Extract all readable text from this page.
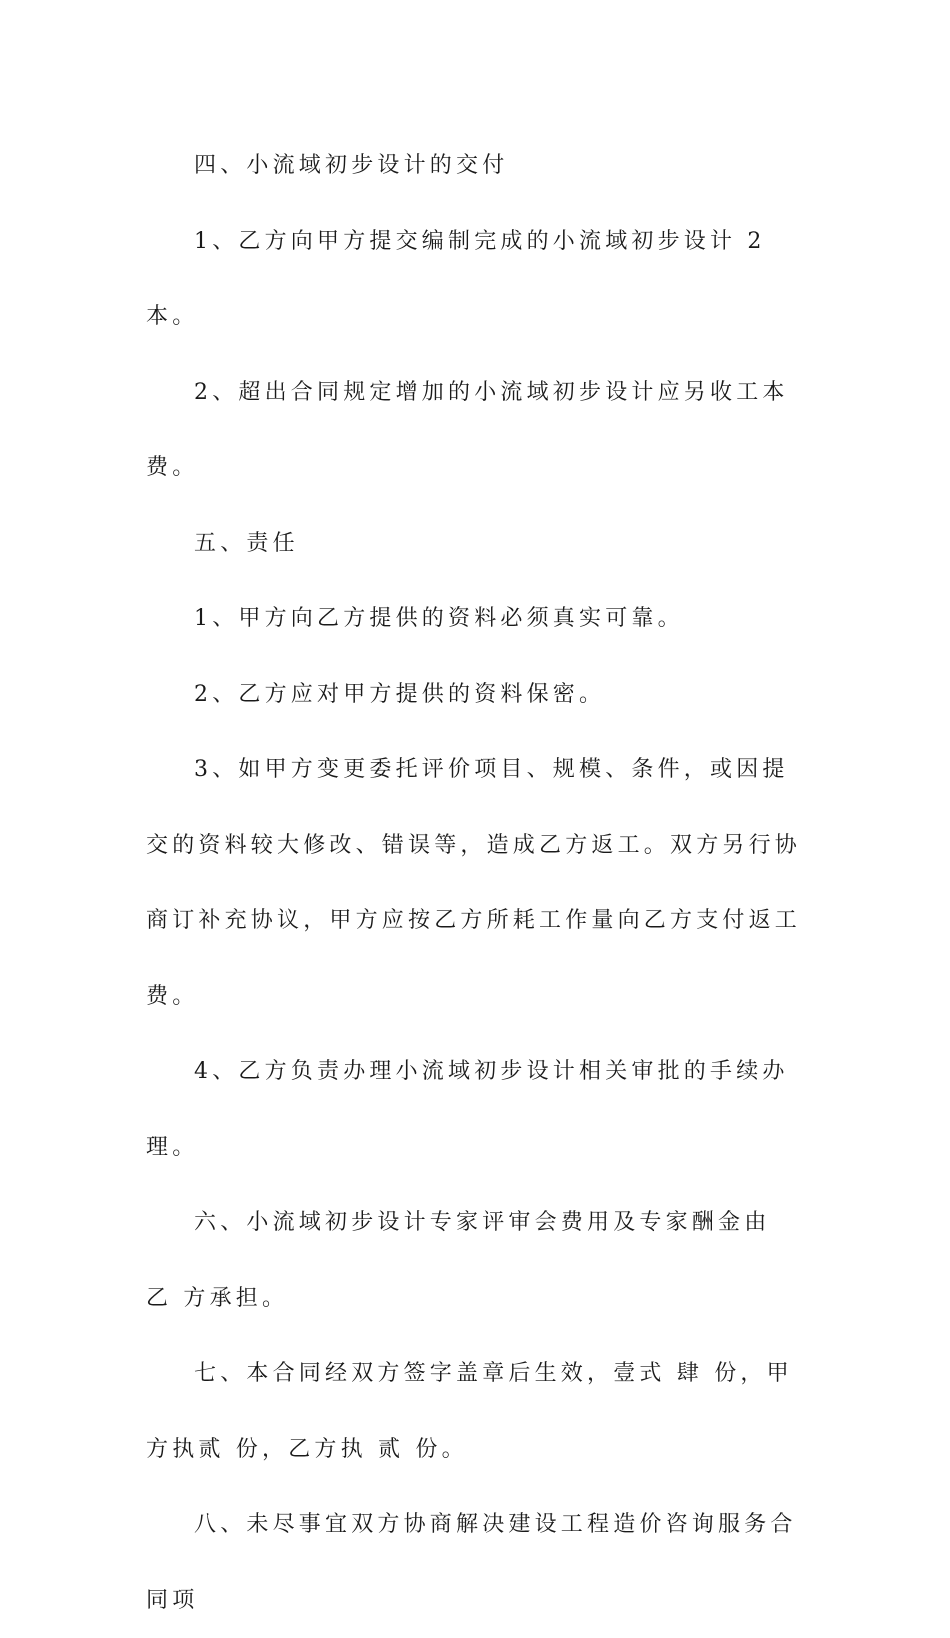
四、小流域初步设计的交付

1、乙方向甲方提交编制完成的小流域初步设计 2 本。

2、超出合同规定增加的小流域初步设计应另收工本费。

五、责任

1、甲方向乙方提供的资料必须真实可靠。

2、乙方应对甲方提供的资料保密。

3、如甲方变更委托评价项目、规模、条件，或因提交的资料较大修改、错误等，造成乙方返工。双方另行协商订补充协议，甲方应按乙方所耗工作量向乙方支付返工费。

4、乙方负责办理小流域初步设计相关审批的手续办理。

六、小流域初步设计专家评审会费用及专家酬金由 乙 方承担。

七、本合同经双方签字盖章后生效，壹式 肆 份，甲方执贰 份，乙方执 贰 份。

八、未尽事宜双方协商解决建设工程造价咨询服务合同项
